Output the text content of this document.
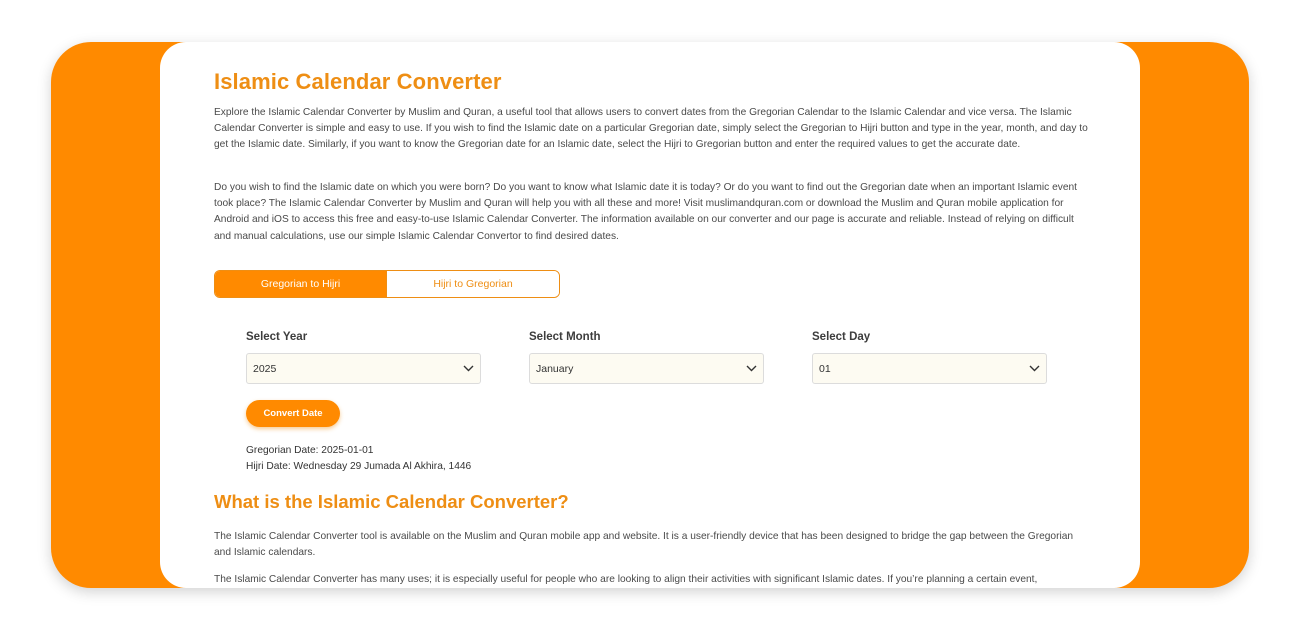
Islamic Calendar Converter

Explore the Islamic Calendar Converter by Muslim and Quran, a useful tool that allows users to convert dates from the Gregorian Calendar to the Islamic Calendar and vice versa. The Islamic Calendar Converter is simple and easy to use. If you wish to find the Islamic date on a particular Gregorian date, simply select the Gregorian to Hijri button and type in the year, month, and day to get the Islamic date. Similarly, if you want to know the Gregorian date for an Islamic date, select the Hijri to Gregorian button and enter the required values to get the accurate date.

Do you wish to find the Islamic date on which you were born? Do you want to know what Islamic date it is today? Or do you want to find out the Gregorian date when an important Islamic event took place? The Islamic Calendar Converter by Muslim and Quran will help you with all these and more! Visit muslimandquran.com or download the Muslim and Quran mobile application for Android and iOS to access this free and easy-to-use Islamic Calendar Converter. The information available on our converter and our page is accurate and reliable. Instead of relying on difficult and manual calculations, use our simple Islamic Calendar Convertor to find desired dates.

Gregorian to Hijri	Hijri to Gregorian
Select Year
2025
Select Month
January
Select Day
01
Convert Date
Gregorian Date: 2025-01-01
Hijri Date: Wednesday 29 Jumada Al Akhira, 1446
What is the Islamic Calendar Converter?

The Islamic Calendar Converter tool is available on the Muslim and Quran mobile app and website. It is a user-friendly device that has been designed to bridge the gap between the Gregorian and Islamic calendars.

The Islamic Calendar Converter has many uses; it is especially useful for people who are looking to align their activities with significant Islamic dates. If you’re planning a certain event,
